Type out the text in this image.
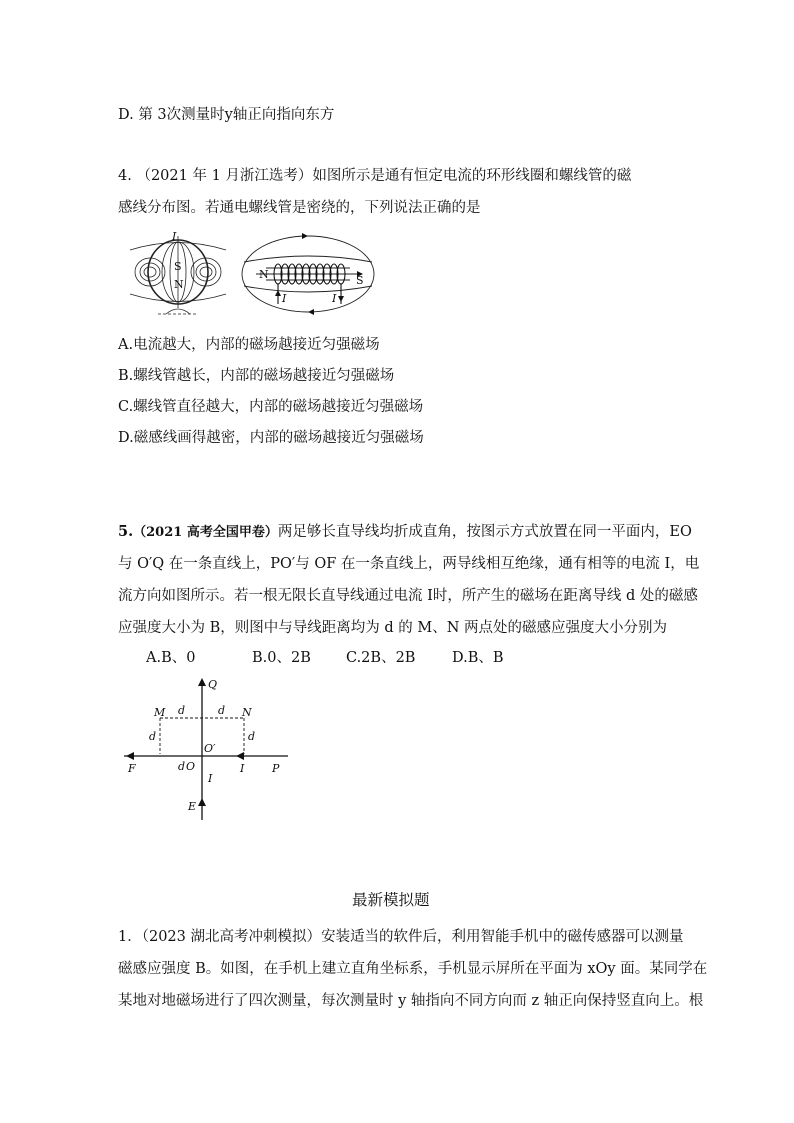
D. 第 3次测量时y轴正向指向东方
4. （2021 年 1 月浙江选考）如图所示是通有恒定电流的环形线圈和螺线管的磁
感线分布图。若通电螺线管是密绕的，下列说法正确的是
I
S
N
N	S
I	I
A.电流越大，内部的磁场越接近匀强磁场
B.螺线管越长，内部的磁场越接近匀强磁场
C.螺线管直径越大，内部的磁场越接近匀强磁场
D.磁感线画得越密，内部的磁场越接近匀强磁场
5.（2021 高考全国甲卷）两足够长直导线均折成直角，按图示方式放置在同一平面内，EO
与 O′Q 在一条直线上，PO′与 OF 在一条直线上，两导线相互绝缘，通有相等的电流 I，电
流方向如图所示。若一根无限长直导线通过电流 I时，所产生的磁场在距离导线 d 处的磁感
应强度大小为 B，则图中与导线距离均为 d 的 M、N 两点处的磁感应强度大小分别为
A.B、0	B.0、2B C.2B、2B	D.B、B
Q
M	N
d	d
d	d
O′
d O
F	I	P
I
E
最新模拟题
1．（2023 湖北高考冲刺模拟）安装适当的软件后，利用智能手机中的磁传感器可以测量
磁感应强度 B。如图，在手机上建立直角坐标系，手机显示屏所在平面为 xOy 面。某同学在
某地对地磁场进行了四次测量，每次测量时 y 轴指向不同方向而 z 轴正向保持竖直向上。根
